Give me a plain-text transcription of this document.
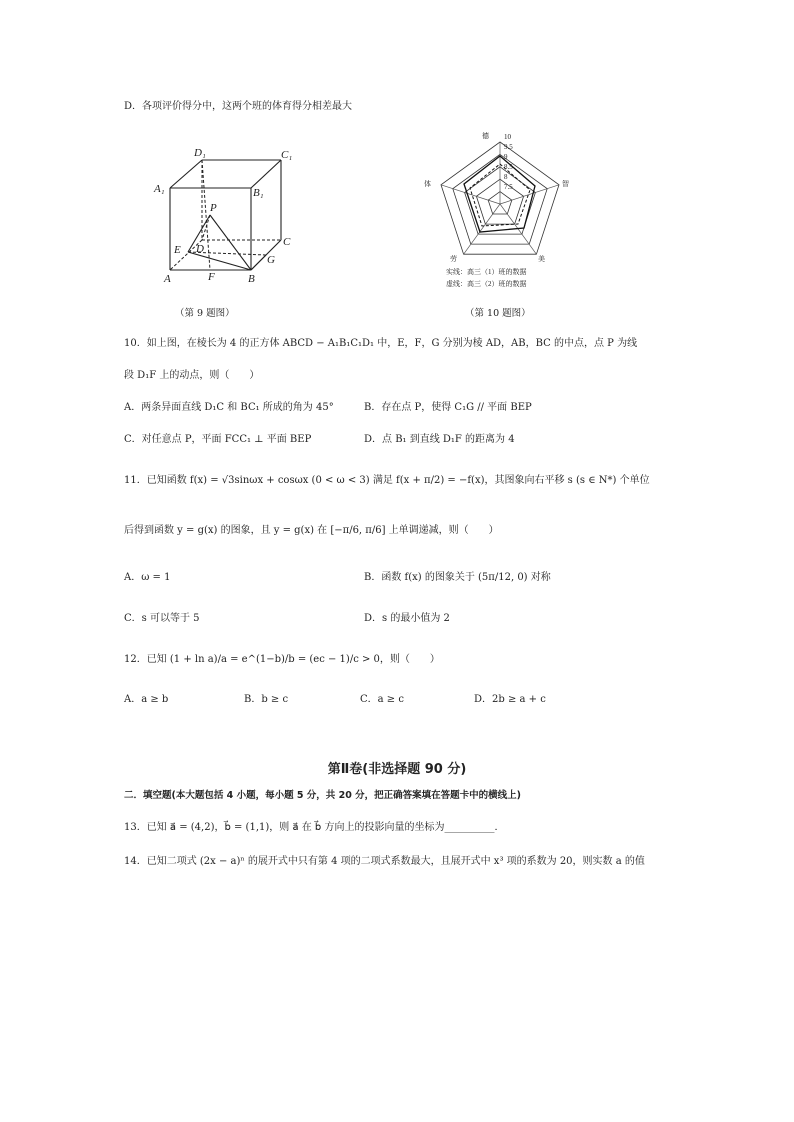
D．各项评价得分中，这两个班的体育得分相差最大
D₁	C₁
A₁	B₁
P
C
E D
A	F	B
G
（第 9 题图）
德
智
体
美
劳
10
9.5
9
8.5
8
7.5
实线：高三（1）班的数据
虚线：高三（2）班的数据
（第 10 题图）
10．如上图，在棱长为 4 的正方体 ABCD − A₁B₁C₁D₁ 中，E，F，G 分别为棱 AD，AB，BC 的中点，点 P 为线
段 D₁F 上的动点，则（　　）
A．两条异面直线 D₁C 和 BC₁ 所成的角为 45°	B．存在点 P，使得 C₁G // 平面 BEP
C．对任意点 P，平面 FCC₁ ⊥ 平面 BEP	D．点 B₁ 到直线 D₁F 的距离为 4
11．已知函数 f(x) = √3sinωx + cosωx (0 < ω < 3) 满足 f(x + π/2) = −f(x)，其图象向右平移 s (s ∈ N*) 个单位
后得到函数 y = g(x) 的图象，且 y = g(x) 在 [−π/6, π/6] 上单调递减，则（　　）
A．ω = 1	B．函数 f(x) 的图象关于 (5π/12, 0) 对称
C．s 可以等于 5	D．s 的最小值为 2
12．已知 (1 + ln a)/a = e^(1−b)/b = (ec − 1)/c > 0，则（　　）
A．a ≥ b	B．b ≥ c	C．a ≥ c	D．2b ≥ a + c
第Ⅱ卷(非选择题 90 分)
二．填空题(本大题包括 4 小题，每小题 5 分，共 20 分，把正确答案填在答题卡中的横线上)
13．已知 a⃗ = (4,2)，b⃗ = (1,1)，则 a⃗ 在 b⃗ 方向上的投影向量的坐标为__________．
14．已知二项式 (2x − a)ⁿ 的展开式中只有第 4 项的二项式系数最大，且展开式中 x³ 项的系数为 20，则实数 a 的值
